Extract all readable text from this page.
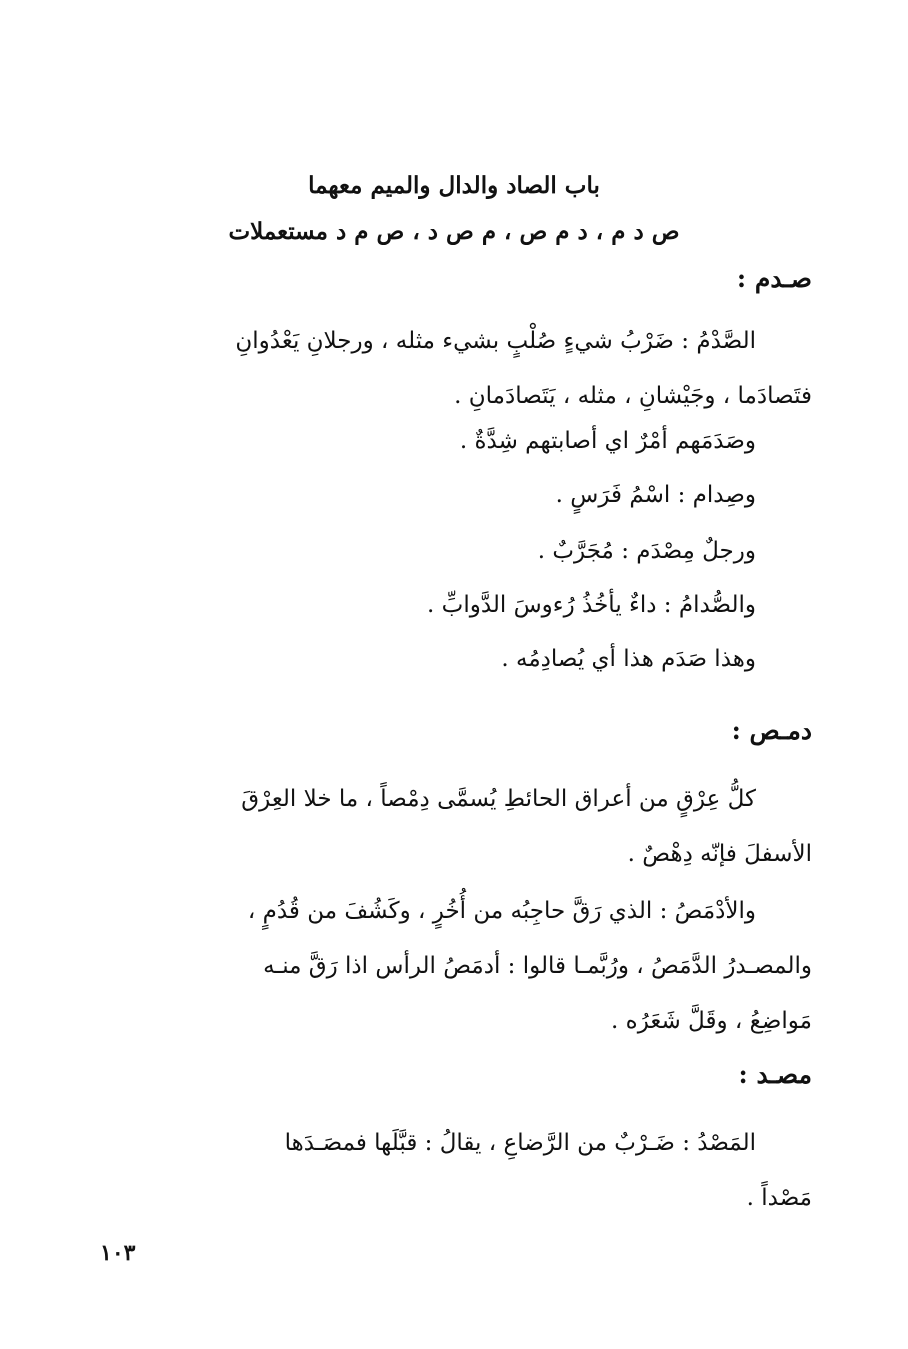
باب الصاد والدال والميم معهما
ص د م ، د م ص ، م ص د ، ص م د مستعملات
صـدم :
الصَّدْمُ : ضَرْبُ شيءٍ صُلْبٍ بشيء مثله ، ورجلانِ يَعْدُوانِ
فتَصادَما ، وجَيْشانِ ، مثله ، يَتَصادَمانِ .
وصَدَمَهم أمْرٌ اي أصابتهم شِدَّةٌ .
وصِدام : اسْمُ فَرَسٍ .
ورجلٌ مِصْدَم : مُجَرَّبٌ .
والصُّدامُ : داءٌ يأخُذُ رُءوسَ الدَّوابِّ .
وهذا صَدَم هذا أي يُصادِمُه .
دمـص :
كلُّ عِرْقٍ من أعراق الحائطِ يُسمَّى دِمْصاً ، ما خلا العِرْقَ
الأسفلَ فإنّه دِهْصٌ .
والأدْمَصُ : الذي رَقَّ حاجِبُه من أُخُرٍ ، وكَشُفَ من قُدُمٍ ،
والمصـدرُ الدَّمَصُ ، ورُبَّمـا قالوا : أدمَصُ الرأس اذا رَقَّ منـه
مَواضِعُ ، وقَلَّ شَعَرُه .
مصـد :
المَصْدُ : ضَـرْبٌ من الرَّضاعِ ، يقالُ : قبَّلَها فمصَـدَها
مَصْداً .
١٠٣
